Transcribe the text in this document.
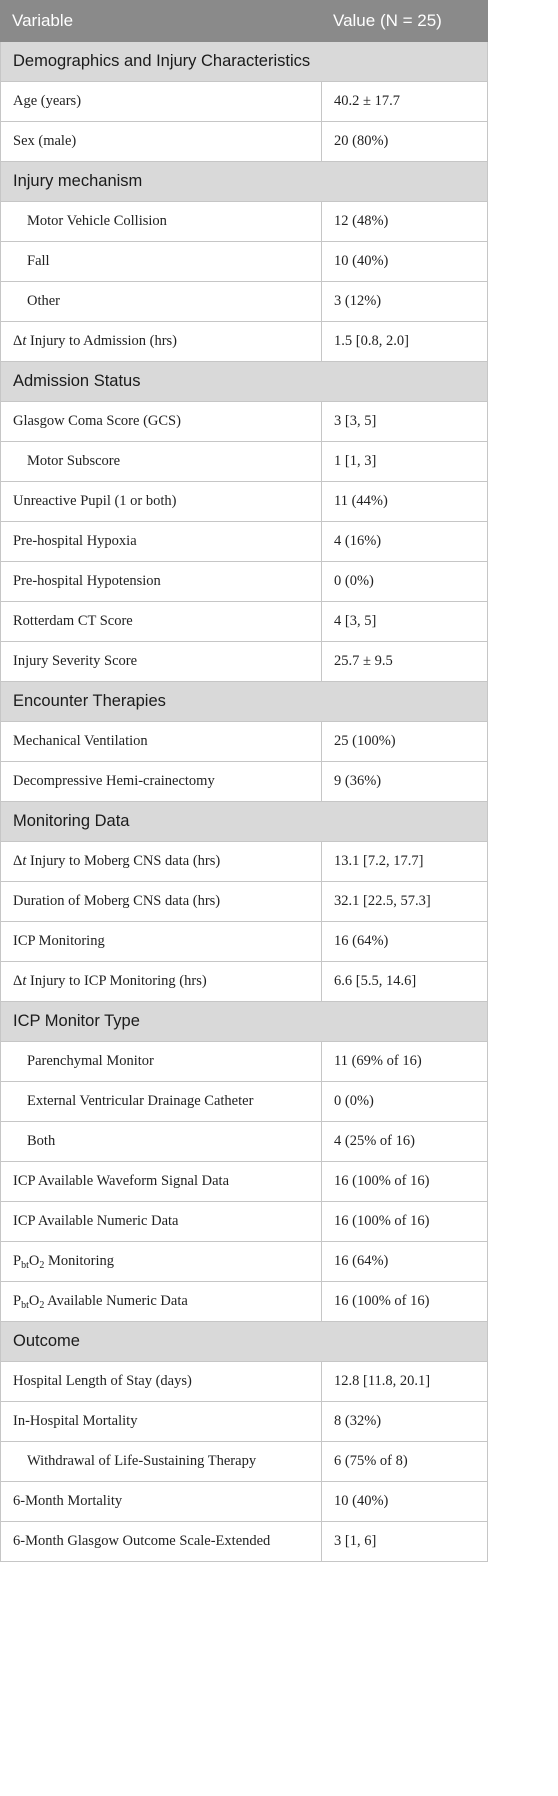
Variable	Value (N = 25)
Demographics and Injury Characteristics	
Age (years)	40.2 ± 17.7
Sex (male)	20 (80%)
Injury mechanism	
Motor Vehicle Collision	12 (48%)
Fall	10 (40%)
Other	3 (12%)
Δt Injury to Admission (hrs)	1.5 [0.8, 2.0]
Admission Status	
Glasgow Coma Score (GCS)	3 [3, 5]
Motor Subscore	1 [1, 3]
Unreactive Pupil (1 or both)	11 (44%)
Pre-hospital Hypoxia	4 (16%)
Pre-hospital Hypotension	0 (0%)
Rotterdam CT Score	4 [3, 5]
Injury Severity Score	25.7 ± 9.5
Encounter Therapies	
Mechanical Ventilation	25 (100%)
Decompressive Hemi-crainectomy	9 (36%)
Monitoring Data	
Δt Injury to Moberg CNS data (hrs)	13.1 [7.2, 17.7]
Duration of Moberg CNS data (hrs)	32.1 [22.5, 57.3]
ICP Monitoring	16 (64%)
Δt Injury to ICP Monitoring (hrs)	6.6 [5.5, 14.6]
ICP Monitor Type	
Parenchymal Monitor	11 (69% of 16)
External Ventricular Drainage Catheter	0 (0%)
Both	4 (25% of 16)
ICP Available Waveform Signal Data	16 (100% of 16)
ICP Available Numeric Data	16 (100% of 16)
$P_{bt}O_2$ Monitoring	16 (64%)
$P_{bt}O_2$ Available Numeric Data	16 (100% of 16)
Outcome	
Hospital Length of Stay (days)	12.8 [11.8, 20.1]
In-Hospital Mortality	8 (32%)
Withdrawal of Life-Sustaining Therapy	6 (75% of 8)
6-Month Mortality	10 (40%)
6-Month Glasgow Outcome Scale-Extended	3 [1, 6]
